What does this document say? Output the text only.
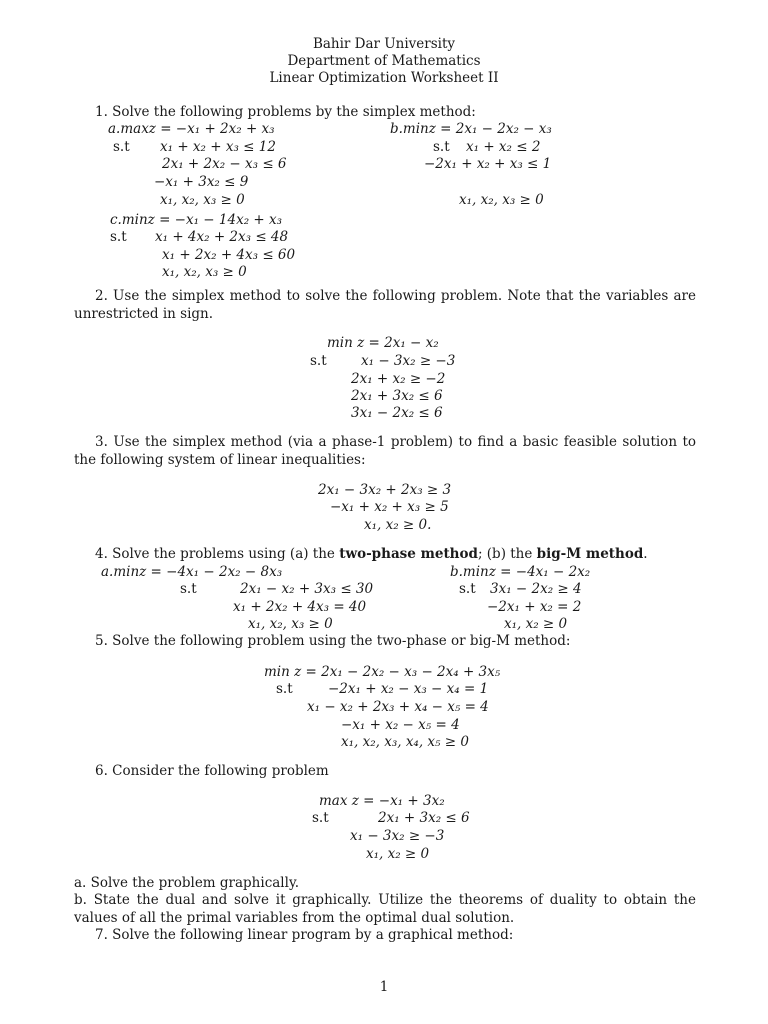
Bahir Dar University
Department of Mathematics
Linear Optimization Worksheet II
1. Solve the following problems by the simplex method:
a.maxz = −x₁ + 2x₂ + x₃
s.t x₁ + x₂ + x₃ ≤ 12
2x₁ + 2x₂ − x₃ ≤ 6
−x₁ + 3x₂ ≤ 9
x₁, x₂, x₃ ≥ 0
b.minz = 2x₁ − 2x₂ − x₃
s.t x₁ + x₂ ≤ 2
−2x₁ + x₂ + x₃ ≤ 1
x₁, x₂, x₃ ≥ 0
c.minz = −x₁ − 14x₂ + x₃
s.t x₁ + 4x₂ + 2x₃ ≤ 48
x₁ + 2x₂ + 4x₃ ≤ 60
x₁, x₂, x₃ ≥ 0
2. Use the simplex method to solve the following problem. Note that the variables are unrestricted in sign.
min z = 2x₁ − x₂
s.t	x₁ − 3x₂ ≥ −3
2x₁ + x₂ ≥ −2
2x₁ + 3x₂ ≤ 6
3x₁ − 2x₂ ≤ 6
3. Use the simplex method (via a phase-1 problem) to find a basic feasible solution to the following system of linear inequalities:
2x₁ − 3x₂ + 2x₃ ≥ 3
−x₁ + x₂ + x₃ ≥ 5
x₁, x₂ ≥ 0.
4. Solve the problems using (a) the two-phase method; (b) the big-M method.
a.minz = −4x₁ − 2x₂ − 8x₃
s.t	2x₁ − x₂ + 3x₃ ≤ 30
x₁ + 2x₂ + 4x₃ = 40
x₁, x₂, x₃ ≥ 0
b.minz = −4x₁ − 2x₂
s.t 3x₁ − 2x₂ ≥ 4
−2x₁ + x₂ = 2
x₁, x₂ ≥ 0
5. Solve the following problem using the two-phase or big-M method:
min z = 2x₁ − 2x₂ − x₃ − 2x₄ + 3x₅
s.t	−2x₁ + x₂ − x₃ − x₄ = 1
x₁ − x₂ + 2x₃ + x₄ − x₅ = 4
−x₁ + x₂ − x₅ = 4
x₁, x₂, x₃, x₄, x₅ ≥ 0
6. Consider the following problem
max z = −x₁ + 3x₂
s.t	2x₁ + 3x₂ ≤ 6
x₁ − 3x₂ ≥ −3
x₁, x₂ ≥ 0
a. Solve the problem graphically.
b. State the dual and solve it graphically. Utilize the theorems of duality to obtain the values of all the primal variables from the optimal dual solution.
7. Solve the following linear program by a graphical method:
1
